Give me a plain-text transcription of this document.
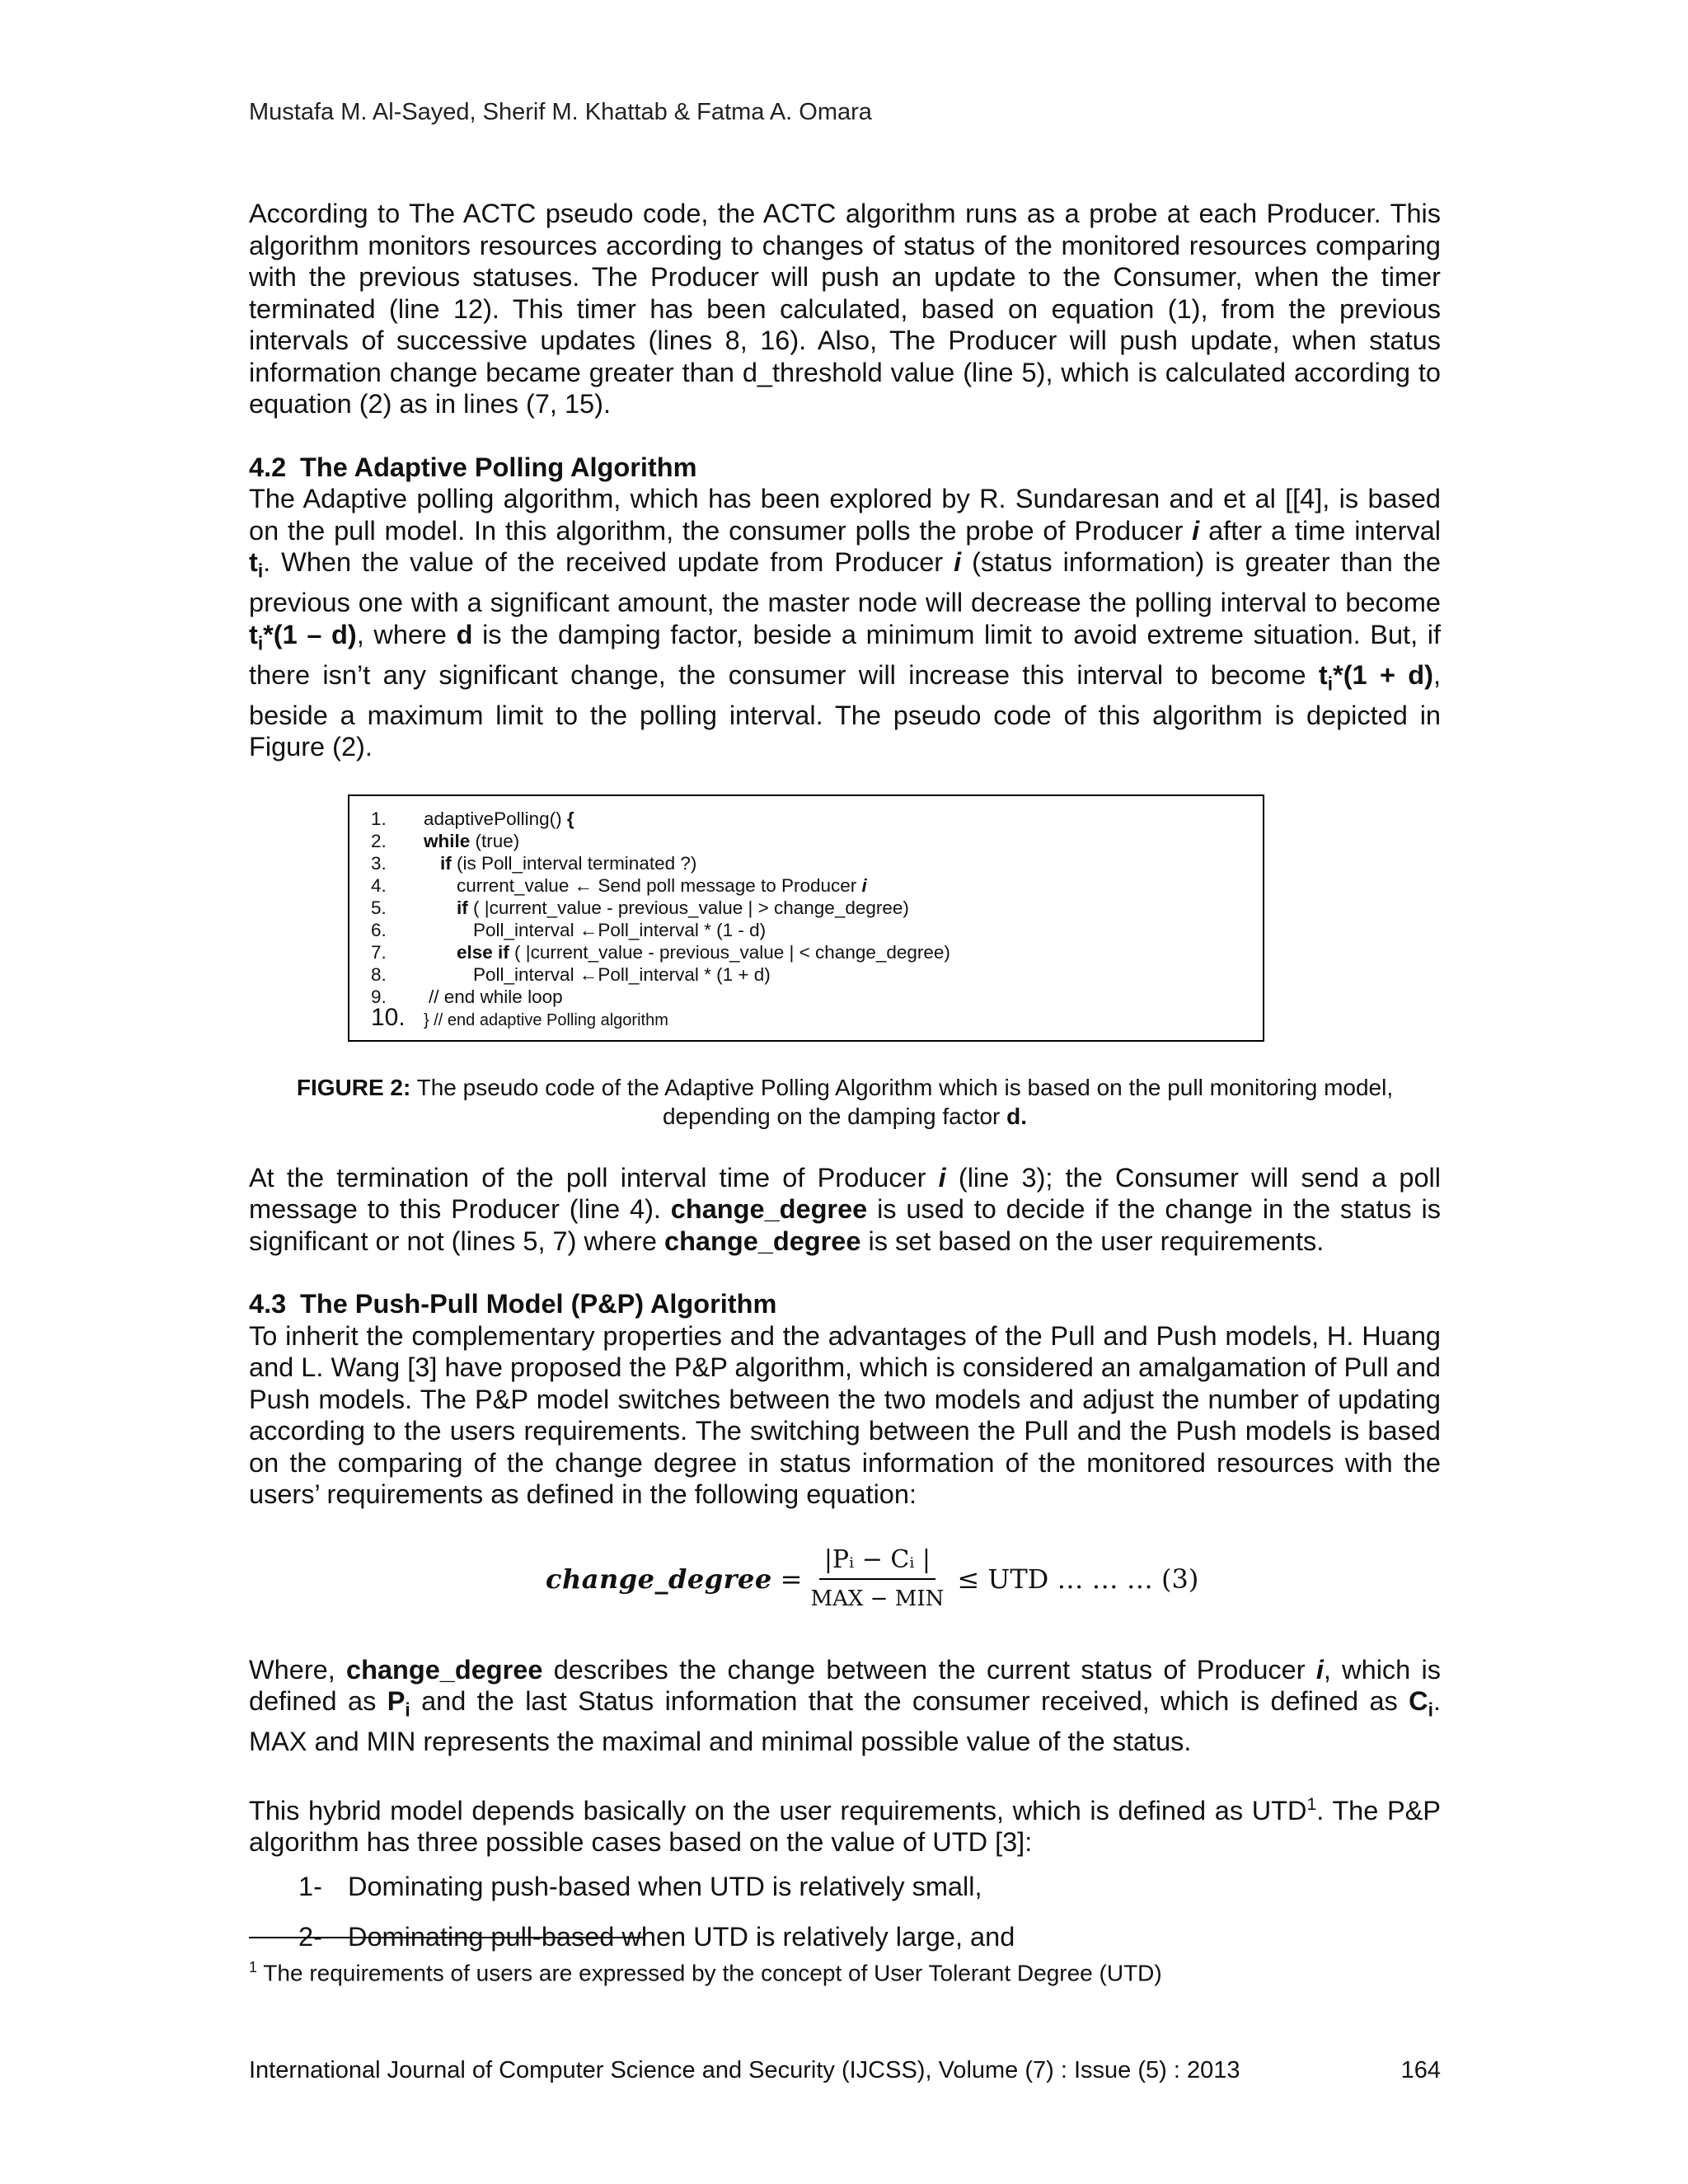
Mustafa M. Al-Sayed, Sherif M. Khattab & Fatma A. Omara

According to The ACTC pseudo code, the ACTC algorithm runs as a probe at each Producer. This algorithm monitors resources according to changes of status of the monitored resources comparing with the previous statuses. The Producer will push an update to the Consumer, when the timer terminated (line 12). This timer has been calculated, based on equation (1), from the previous intervals of successive updates (lines 8, 16). Also, The Producer will push update, when status information change became greater than d_threshold value (line 5), which is calculated according to equation (2) as in lines (7, 15).

4.2 The Adaptive Polling Algorithm

The Adaptive polling algorithm, which has been explored by R. Sundaresan and et al [[4], is based on the pull model. In this algorithm, the consumer polls the probe of Producer i after a time interval $t_i$. When the value of the received update from Producer i (status information) is greater than the previous one with a significant amount, the master node will decrease the polling interval to become $t_i*(1 - d)$, where d is the damping factor, beside a minimum limit to avoid extreme situation. But, if there isn’t any significant change, the consumer will increase this interval to become $t_i*(1 + d)$, beside a maximum limit to the polling interval. The pseudo code of this algorithm is depicted in Figure (2).

1. adaptivePolling() {
2. while (true)
3.	if (is Poll_interval terminated ?)
4.	current_value ← Send poll message to Producer i
5.	if ( |current_value - previous_value | > change_degree)
6.	Poll_interval ←Poll_interval * (1 - d)
7.	else if ( |current_value - previous_value | < change_degree)
8.	Poll_interval ←Poll_interval * (1 + d)
9. // end while loop
10. } // end adaptive Polling algorithm
FIGURE 2: The pseudo code of the Adaptive Polling Algorithm which is based on the pull monitoring model, depending on the damping factor d.

At the termination of the poll interval time of Producer i (line 3); the Consumer will send a poll message to this Producer (line 4). change_degree is used to decide if the change in the status is significant or not (lines 5, 7) where change_degree is set based on the user requirements.

4.3 The Push-Pull Model (P&P) Algorithm

To inherit the complementary properties and the advantages of the Pull and Push models, H. Huang and L. Wang [3] have proposed the P&P algorithm, which is considered an amalgamation of Pull and Push models. The P&P model switches between the two models and adjust the number of updating according to the users requirements. The switching between the Pull and the Push models is based on the comparing of the change degree in status information of the monitored resources with the users’ requirements as defined in the following equation:

change_degree = $\frac{\text{|Pᵢ − Cᵢ |}}{\text{MAX − MIN}}$ ≤ UTD … … … (3)

Where, change_degree describes the change between the current status of Producer i, which is defined as $P_i$ and the last Status information that the consumer received, which is defined as $C_i$. MAX and MIN represents the maximal and minimal possible value of the status.

This hybrid model depends basically on the user requirements, which is defined as UTD$^1$. The P&P algorithm has three possible cases based on the value of UTD [3]:

1- Dominating push-based when UTD is relatively small,
2- Dominating pull-based when UTD is relatively large, and
$^1$ The requirements of users are expressed by the concept of User Tolerant Degree (UTD)
International Journal of Computer Science and Security (IJCSS), Volume (7) : Issue (5) : 2013	164
